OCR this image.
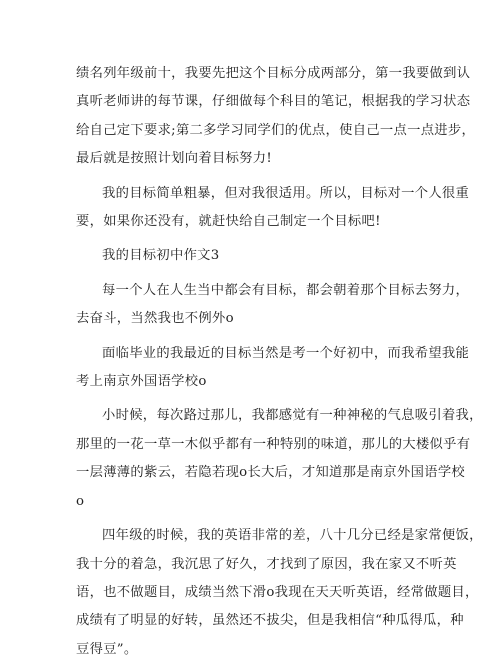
绩名列年级前十，我要先把这个目标分成两部分，第一我要做到认
真听老师讲的每节课，仔细做每个科目的笔记，根据我的学习状态
给自己定下要求;第二多学习同学们的优点，使自己一点一点进步，
最后就是按照计划向着目标努力!
我的目标简单粗暴，但对我很适用。所以，目标对一个人很重
要，如果你还没有，就赶快给自己制定一个目标吧!
我的目标初中作文3
每一个人在人生当中都会有目标，都会朝着那个目标去努力，
去奋斗，当然我也不例外o
面临毕业的我最近的目标当然是考一个好初中，而我希望我能
考上南京外国语学校o
小时候，每次路过那儿，我都感觉有一种神秘的气息吸引着我，
那里的一花一草一木似乎都有一种特别的味道，那儿的大楼似乎有
一层薄薄的紫云，若隐若现o长大后，才知道那是南京外国语学校
o
四年级的时候，我的英语非常的差，八十几分已经是家常便饭，
我十分的着急，我沉思了好久，才找到了原因，我在家又不听英
语，也不做题目，成绩当然下滑o我现在天天听英语，经常做题目，
成绩有了明显的好转，虽然还不拔尖，但是我相信“种瓜得瓜，种
豆得豆”。
